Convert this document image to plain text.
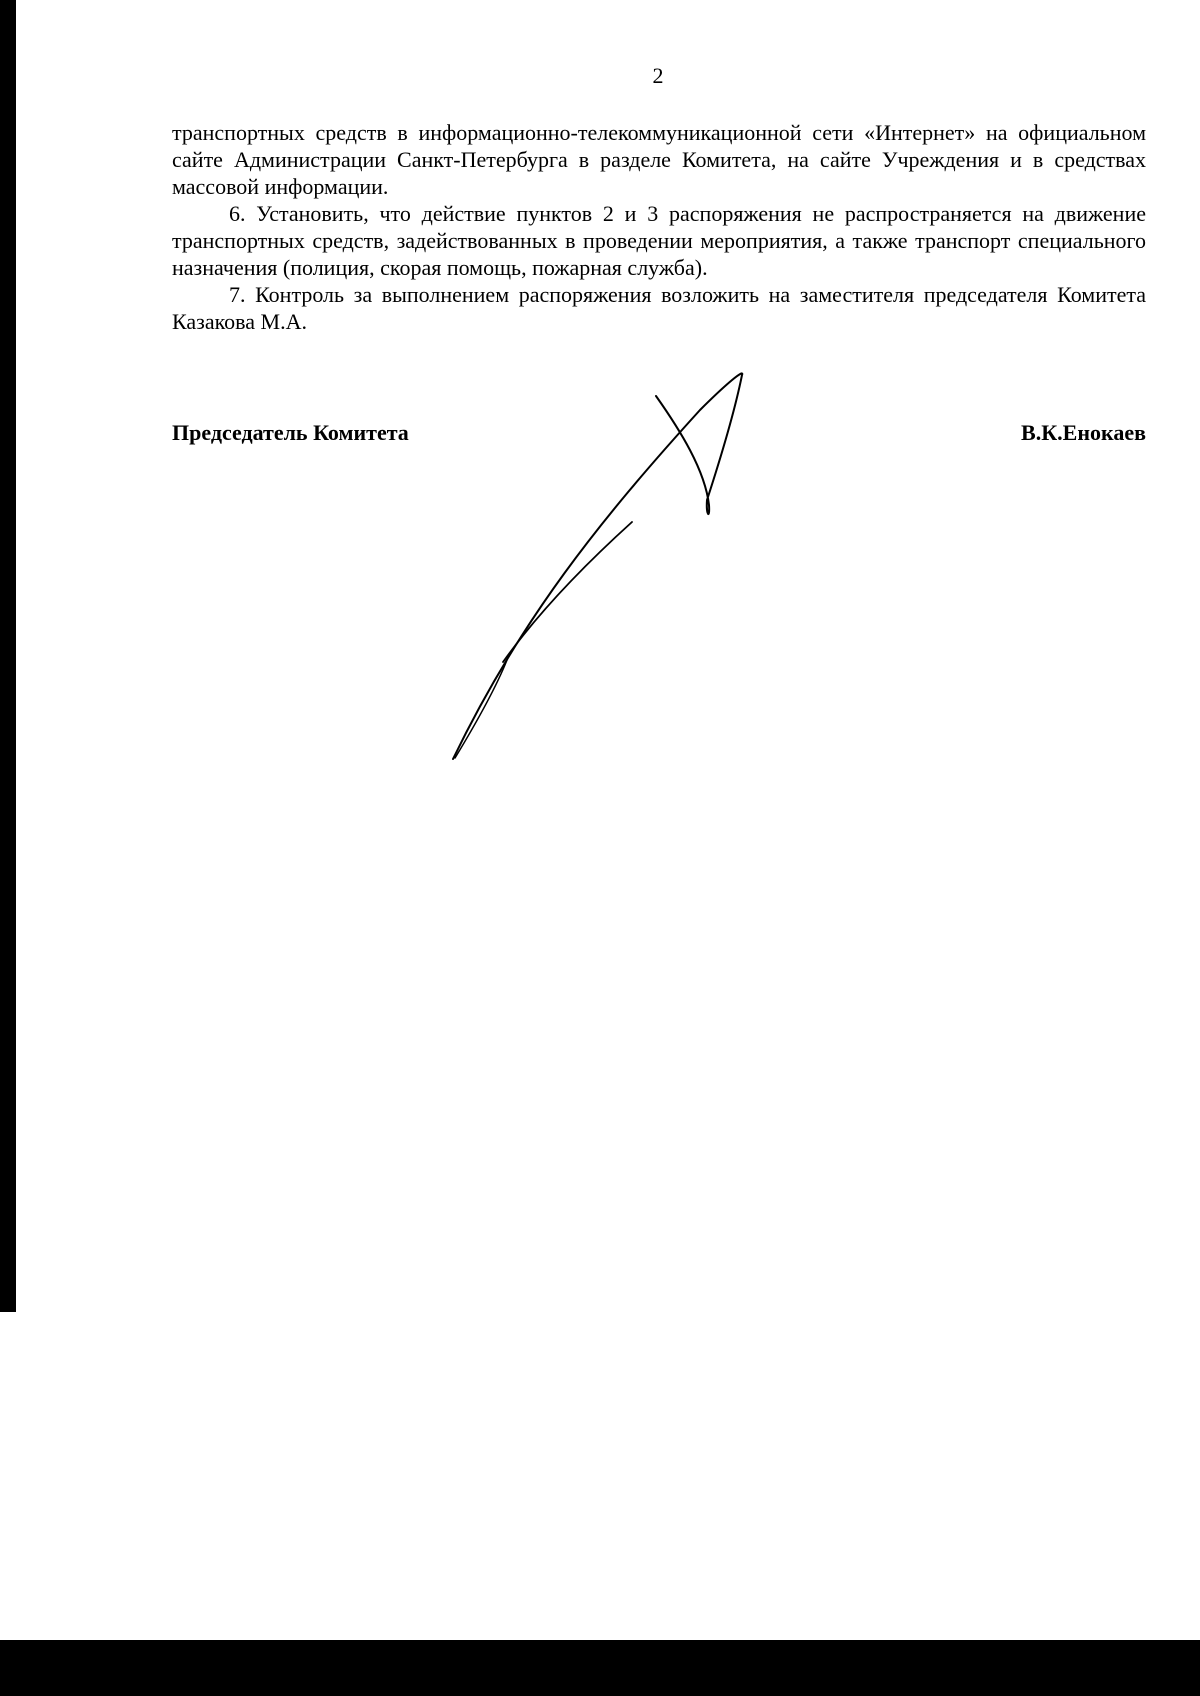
2

транспортных средств в информационно-телекоммуникационной сети «Интернет» на официальном сайте Администрации Санкт-Петербурга в разделе Комитета, на сайте Учреждения и в средствах массовой информации.

6. Установить, что действие пунктов 2 и 3 распоряжения не распространяется на движение транспортных средств, задействованных в проведении мероприятия, а также транспорт специального назначения (полиция, скорая помощь, пожарная служба).

7. Контроль за выполнением распоряжения возложить на заместителя председателя Комитета Казакова М.А.

Председатель Комитета	В.К.Енокаев
